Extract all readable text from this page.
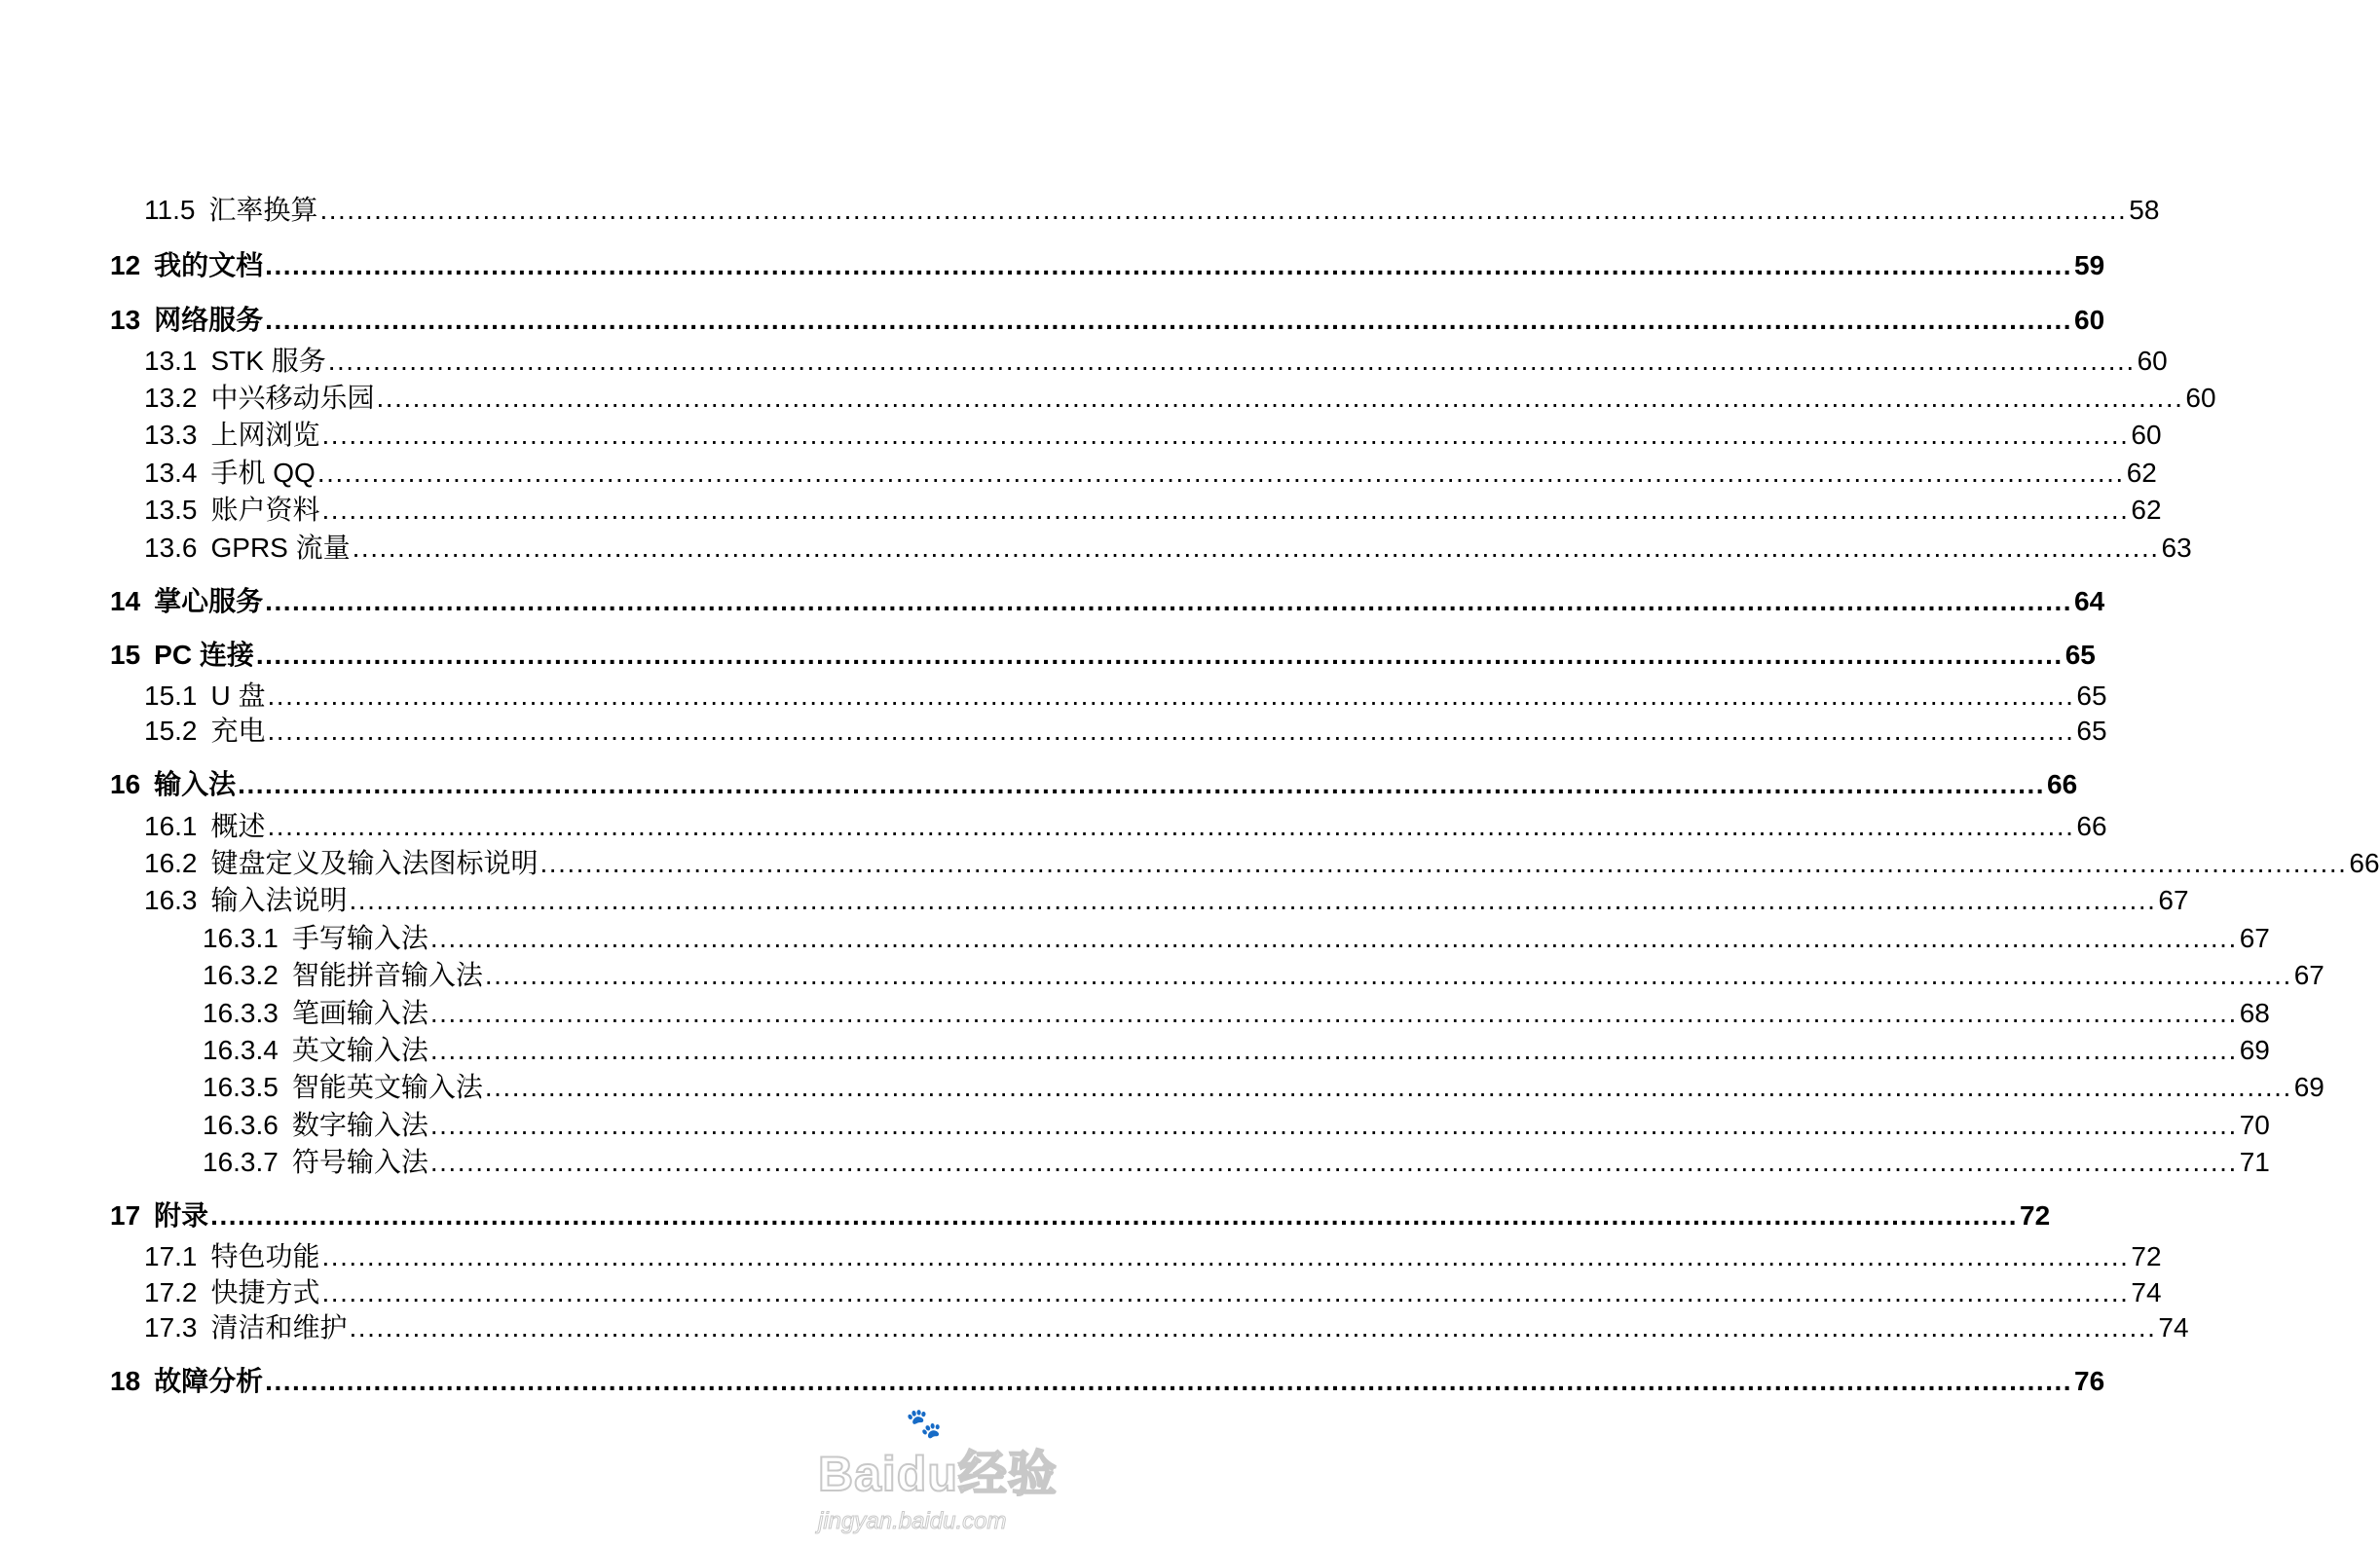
11.5 汇率换算 ........................................................................................................................................................................................................ 58
12 我的文档 ........................................................................................................................................................................................................ 59
13 网络服务 ........................................................................................................................................................................................................ 60
13.1 STK 服务 ........................................................................................................................................................................................................ 60
13.2 中兴移动乐园 ........................................................................................................................................................................................................ 60
13.3 上网浏览 ........................................................................................................................................................................................................ 60
13.4 手机 QQ ........................................................................................................................................................................................................ 62
13.5 账户资料 ........................................................................................................................................................................................................ 62
13.6 GPRS 流量 ........................................................................................................................................................................................................ 63
14 掌心服务 ........................................................................................................................................................................................................ 64
15 PC 连接 ........................................................................................................................................................................................................ 65
15.1 U 盘 ........................................................................................................................................................................................................ 65
15.2 充电 ........................................................................................................................................................................................................ 65
16 输入法 ........................................................................................................................................................................................................ 66
16.1 概述 ........................................................................................................................................................................................................ 66
16.2 键盘定义及输入法图标说明 ........................................................................................................................................................................................................ 66
16.3 输入法说明 ........................................................................................................................................................................................................ 67
16.3.1 手写输入法 ........................................................................................................................................................................................................ 67
16.3.2 智能拼音输入法 ........................................................................................................................................................................................................ 67
16.3.3 笔画输入法 ........................................................................................................................................................................................................ 68
16.3.4 英文输入法 ........................................................................................................................................................................................................ 69
16.3.5 智能英文输入法 ........................................................................................................................................................................................................ 69
16.3.6 数字输入法 ........................................................................................................................................................................................................ 70
16.3.7 符号输入法 ........................................................................................................................................................................................................ 71
17 附录 ........................................................................................................................................................................................................ 72
17.1 特色功能 ........................................................................................................................................................................................................ 72
17.2 快捷方式 ........................................................................................................................................................................................................ 74
17.3 清洁和维护 ........................................................................................................................................................................................................ 74
18 故障分析 ........................................................................................................................................................................................................ 76
🐾
Baidu经验
jingyan.baidu.com
